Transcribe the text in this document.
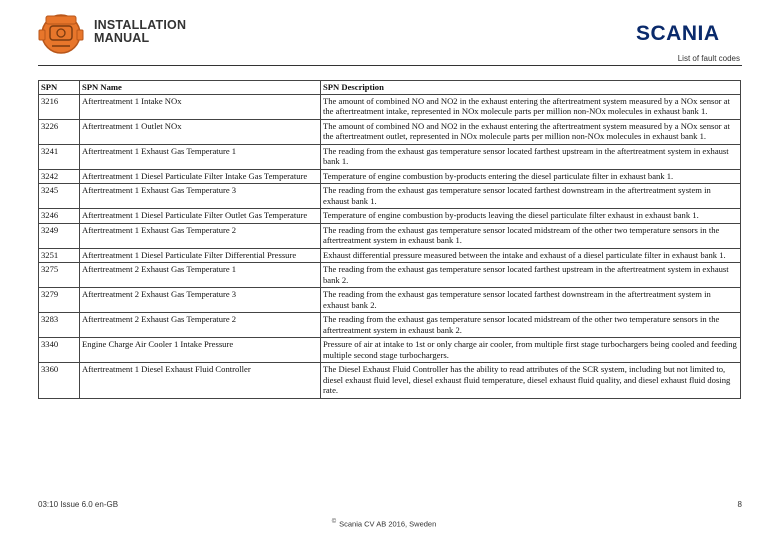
INSTALLATION
MANUAL	SCANIA
List of fault codes
SPN	SPN Name	SPN Description
3216	Aftertreatment 1 Intake NOx	The amount of combined NO and NO2 in the exhaust entering the aftertreatment system measured by a NOx sensor at the aftertreatment intake, represented in NOx molecule parts per million non-NOx molecules in exhaust bank 1.
3226	Aftertreatment 1 Outlet NOx	The amount of combined NO and NO2 in the exhaust entering the aftertreatment system measured by a NOx sensor at the aftertreatment outlet, represented in NOx molecule parts per million non-NOx molecules in exhaust bank 1.
3241	Aftertreatment 1 Exhaust Gas Temperature 1	The reading from the exhaust gas temperature sensor located farthest upstream in the aftertreatment system in exhaust bank 1.
3242	Aftertreatment 1 Diesel Particulate Filter Intake Gas Temperature	Temperature of engine combustion by-products entering the diesel particulate filter in exhaust bank 1.
3245	Aftertreatment 1 Exhaust Gas Temperature 3	The reading from the exhaust gas temperature sensor located farthest downstream in the aftertreatment system in exhaust bank 1.
3246	Aftertreatment 1 Diesel Particulate Filter Outlet Gas Temperature	Temperature of engine combustion by-products leaving the diesel particulate filter exhaust in exhaust bank 1.
3249	Aftertreatment 1 Exhaust Gas Temperature 2	The reading from the exhaust gas temperature sensor located midstream of the other two temperature sensors in the aftertreatment system in exhaust bank 1.
3251	Aftertreatment 1 Diesel Particulate Filter Differential Pressure	Exhaust differential pressure measured between the intake and exhaust of a diesel particulate filter in exhaust bank 1.
3275	Aftertreatment 2 Exhaust Gas Temperature 1	The reading from the exhaust gas temperature sensor located farthest upstream in the aftertreatment system in exhaust bank 2.
3279	Aftertreatment 2 Exhaust Gas Temperature 3	The reading from the exhaust gas temperature sensor located farthest downstream in the aftertreatment system in exhaust bank 2.
3283	Aftertreatment 2 Exhaust Gas Temperature 2	The reading from the exhaust gas temperature sensor located midstream of the other two temperature sensors in the aftertreatment system in exhaust bank 2.
3340	Engine Charge Air Cooler 1 Intake Pressure	Pressure of air at intake to 1st or only charge air cooler, from multiple first stage turbochargers being cooled and feeding multiple second stage turbochargers.
3360	Aftertreatment 1 Diesel Exhaust Fluid Controller	The Diesel Exhaust Fluid Controller has the ability to read attributes of the SCR system, including but not limited to, diesel exhaust fluid level, diesel exhaust fluid temperature, diesel exhaust fluid quality, and diesel exhaust fluid dosing rate.
03:10 Issue 6.0 en-GB	8
© Scania CV AB 2016, Sweden
